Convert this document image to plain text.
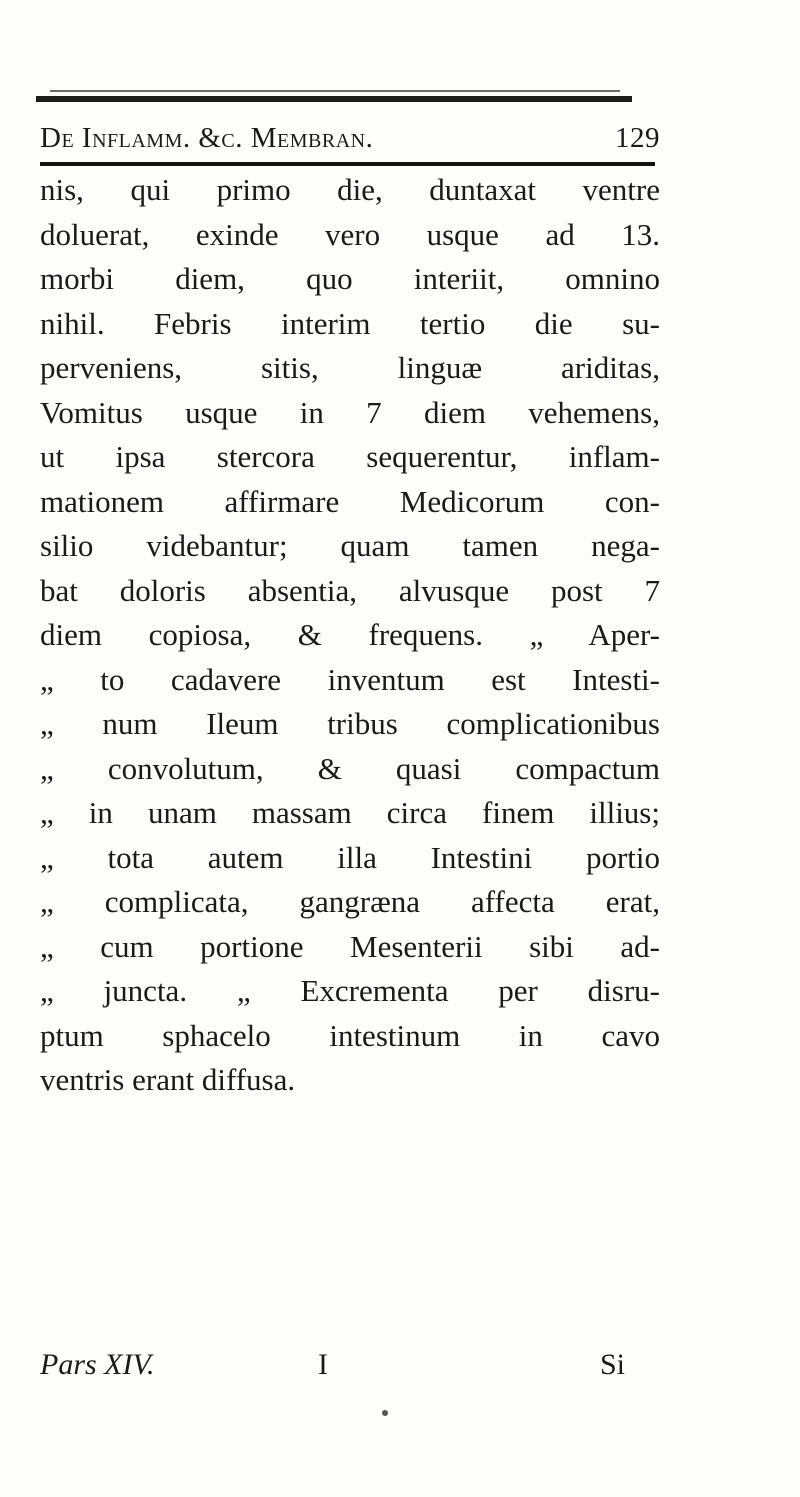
De Inflamm. &c. Membran.	129
nis, qui primo die, duntaxat ventre
doluerat, exinde vero usque ad 13.
morbi diem, quo interiit, omnino
nihil. Febris interim tertio die su-
perveniens, sitis, linguæ ariditas,
Vomitus usque in 7 diem vehemens,
ut ipsa stercora sequerentur, inflam-
mationem affirmare Medicorum con-
silio videbantur; quam tamen nega-
bat doloris absentia, alvusque post 7
diem copiosa, & frequens. „ Aper-
„ to cadavere inventum est Intesti-
„ num Ileum tribus complicationibus
„ convolutum, & quasi compactum
„ in unam massam circa finem illius;
„ tota autem illa Intestini portio
„ complicata, gangræna affecta erat,
„ cum portione Mesenterii sibi ad-
„ juncta. „ Excrementa per disru-
ptum sphacelo intestinum in cavo
ventris erant diffusa.
Pars XIV.	I	Si
